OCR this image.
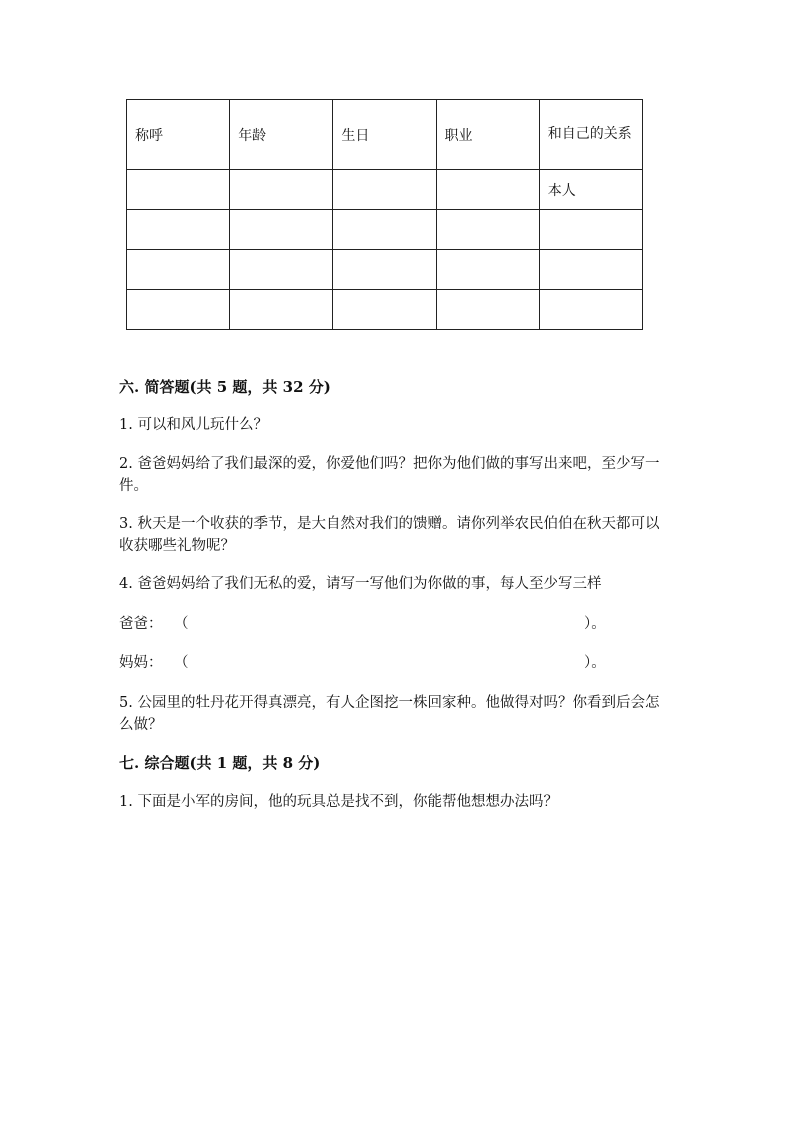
称呼	年龄	生日	职业	和自己的关系
				本人

六. 简答题(共 5 题，共 32 分)
1. 可以和风儿玩什么？
2. 爸爸妈妈给了我们最深的爱，你爱他们吗？把你为他们做的事写出来吧，至少写一件。
3. 秋天是一个收获的季节，是大自然对我们的馈赠。请你列举农民伯伯在秋天都可以收获哪些礼物呢？
4. 爸爸妈妈给了我们无私的爱，请写一写他们为你做的事，每人至少写三样
爸爸： （	）。
妈妈： （	）。
5. 公园里的牡丹花开得真漂亮，有人企图挖一株回家种。他做得对吗？你看到后会怎么做？
七. 综合题(共 1 题，共 8 分)
1. 下面是小军的房间，他的玩具总是找不到，你能帮他想想办法吗？
